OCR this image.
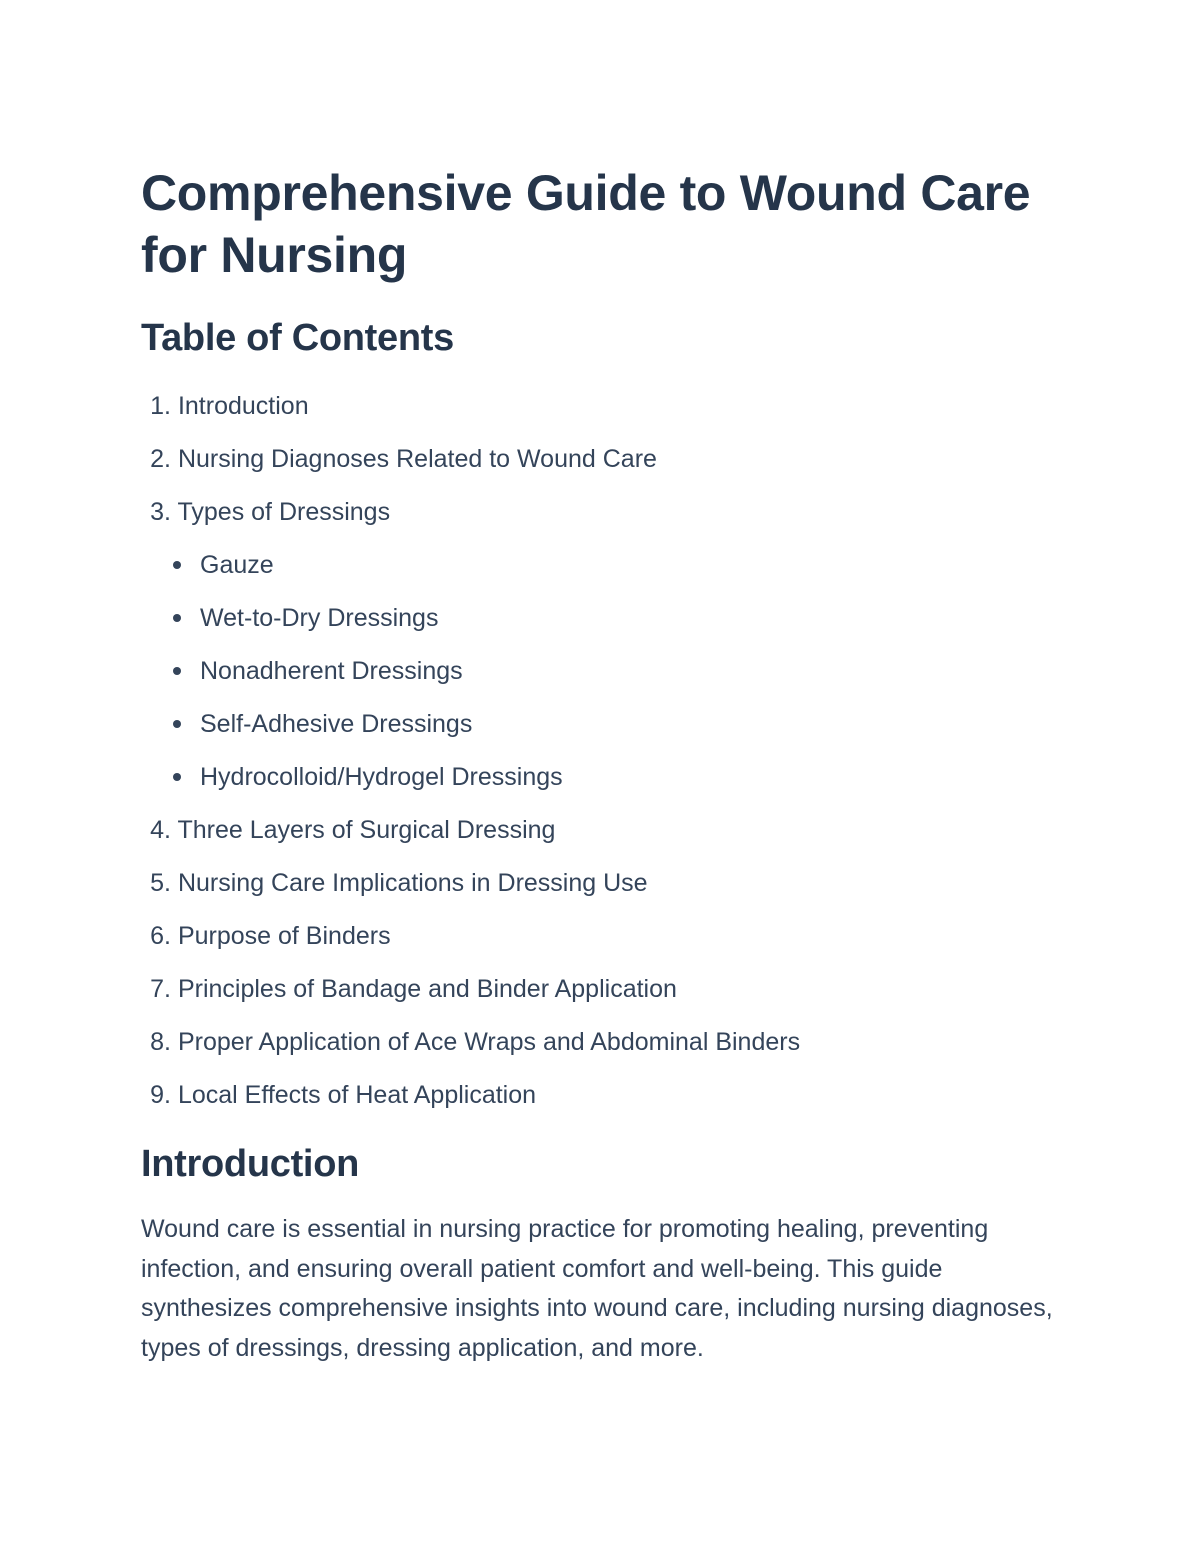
Comprehensive Guide to Wound Care for Nursing
Table of Contents
1. Introduction
2. Nursing Diagnoses Related to Wound Care
3. Types of Dressings
Gauze
Wet-to-Dry Dressings
Nonadherent Dressings
Self-Adhesive Dressings
Hydrocolloid/Hydrogel Dressings
4. Three Layers of Surgical Dressing
5. Nursing Care Implications in Dressing Use
6. Purpose of Binders
7. Principles of Bandage and Binder Application
8. Proper Application of Ace Wraps and Abdominal Binders
9. Local Effects of Heat Application
Introduction

Wound care is essential in nursing practice for promoting healing, preventing infection, and ensuring overall patient comfort and well-being. This guide synthesizes comprehensive insights into wound care, including nursing diagnoses, types of dressings, dressing application, and more.
